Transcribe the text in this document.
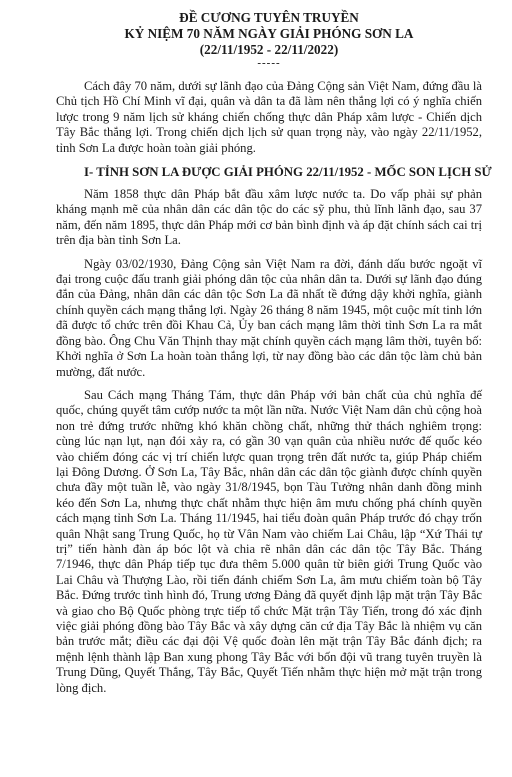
ĐỀ CƯƠNG TUYÊN TRUYỀN

KỶ NIỆM 70 NĂM NGÀY GIẢI PHÓNG SƠN LA

(22/11/1952 - 22/11/2022)

-----

Cách đây 70 năm, dưới sự lãnh đạo của Đảng Cộng sản Việt Nam, đứng đầu là Chủ tịch Hồ Chí Minh vĩ đại, quân và dân ta đã làm nên thắng lợi có ý nghĩa chiến lược trong 9 năm lịch sử kháng chiến chống thực dân Pháp xâm lược - Chiến dịch Tây Bắc thắng lợi. Trong chiến dịch lịch sử quan trọng này, vào ngày 22/11/1952, tỉnh Sơn La được hoàn toàn giải phóng.

I- TỈNH SƠN LA ĐƯỢC GIẢI PHÓNG 22/11/1952 - MỐC SON LỊCH SỬ

Năm 1858 thực dân Pháp bắt đầu xâm lược nước ta. Do vấp phải sự phản kháng mạnh mẽ của nhân dân các dân tộc do các sỹ phu, thủ lĩnh lãnh đạo, sau 37 năm, đến năm 1895, thực dân Pháp mới cơ bản bình định và áp đặt chính sách cai trị trên địa bàn tỉnh Sơn La.

Ngày 03/02/1930, Đảng Cộng sản Việt Nam ra đời, đánh dấu bước ngoặt vĩ đại trong cuộc đấu tranh giải phóng dân tộc của nhân dân ta. Dưới sự lãnh đạo đúng đắn của Đảng, nhân dân các dân tộc Sơn La đã nhất tề đứng dậy khởi nghĩa, giành chính quyền cách mạng thắng lợi. Ngày 26 tháng 8 năm 1945, một cuộc mít tinh lớn đã được tổ chức trên đồi Khau Cả, Ủy ban cách mạng lâm thời tỉnh Sơn La ra mắt đồng bào. Ông Chu Văn Thịnh thay mặt chính quyền cách mạng lâm thời, tuyên bố: Khởi nghĩa ở Sơn La hoàn toàn thắng lợi, từ nay đồng bào các dân tộc làm chủ bản mường, đất nước.

Sau Cách mạng Tháng Tám, thực dân Pháp với bản chất của chủ nghĩa đế quốc, chúng quyết tâm cướp nước ta một lần nữa. Nước Việt Nam dân chủ cộng hoà non trẻ đứng trước những khó khăn chồng chất, những thử thách nghiêm trọng: cùng lúc nạn lụt, nạn đói xảy ra, có gần 30 vạn quân của nhiều nước đế quốc kéo vào chiếm đóng các vị trí chiến lược quan trọng trên đất nước ta, giúp Pháp chiếm lại Đông Dương. Ở Sơn La, Tây Bắc, nhân dân các dân tộc giành được chính quyền chưa đầy một tuần lễ, vào ngày 31/8/1945, bọn Tàu Tưởng nhân danh đồng minh kéo đến Sơn La, nhưng thực chất nhằm thực hiện âm mưu chống phá chính quyền cách mạng tỉnh Sơn La. Tháng 11/1945, hai tiểu đoàn quân Pháp trước đó chạy trốn quân Nhật sang Trung Quốc, họ từ Vân Nam vào chiếm Lai Châu, lập “Xứ Thái tự trị” tiến hành đàn áp bóc lột và chia rẽ nhân dân các dân tộc Tây Bắc. Tháng 7/1946, thực dân Pháp tiếp tục đưa thêm 5.000 quân từ biên giới Trung Quốc vào Lai Châu và Thượng Lào, rồi tiến đánh chiếm Sơn La, âm mưu chiếm toàn bộ Tây Bắc. Đứng trước tình hình đó, Trung ương Đảng đã quyết định lập mặt trận Tây Bắc và giao cho Bộ Quốc phòng trực tiếp tổ chức Mặt trận Tây Tiến, trong đó xác định việc giải phóng đồng bào Tây Bắc và xây dựng căn cứ địa Tây Bắc là nhiệm vụ căn bản trước mắt; điều các đại đội Vệ quốc đoàn lên mặt trận Tây Bắc đánh địch; ra mệnh lệnh thành lập Ban xung phong Tây Bắc với bốn đội vũ trang tuyên truyền là Trung Dũng, Quyết Thắng, Tây Bắc, Quyết Tiến nhằm thực hiện mở mặt trận trong lòng địch.
